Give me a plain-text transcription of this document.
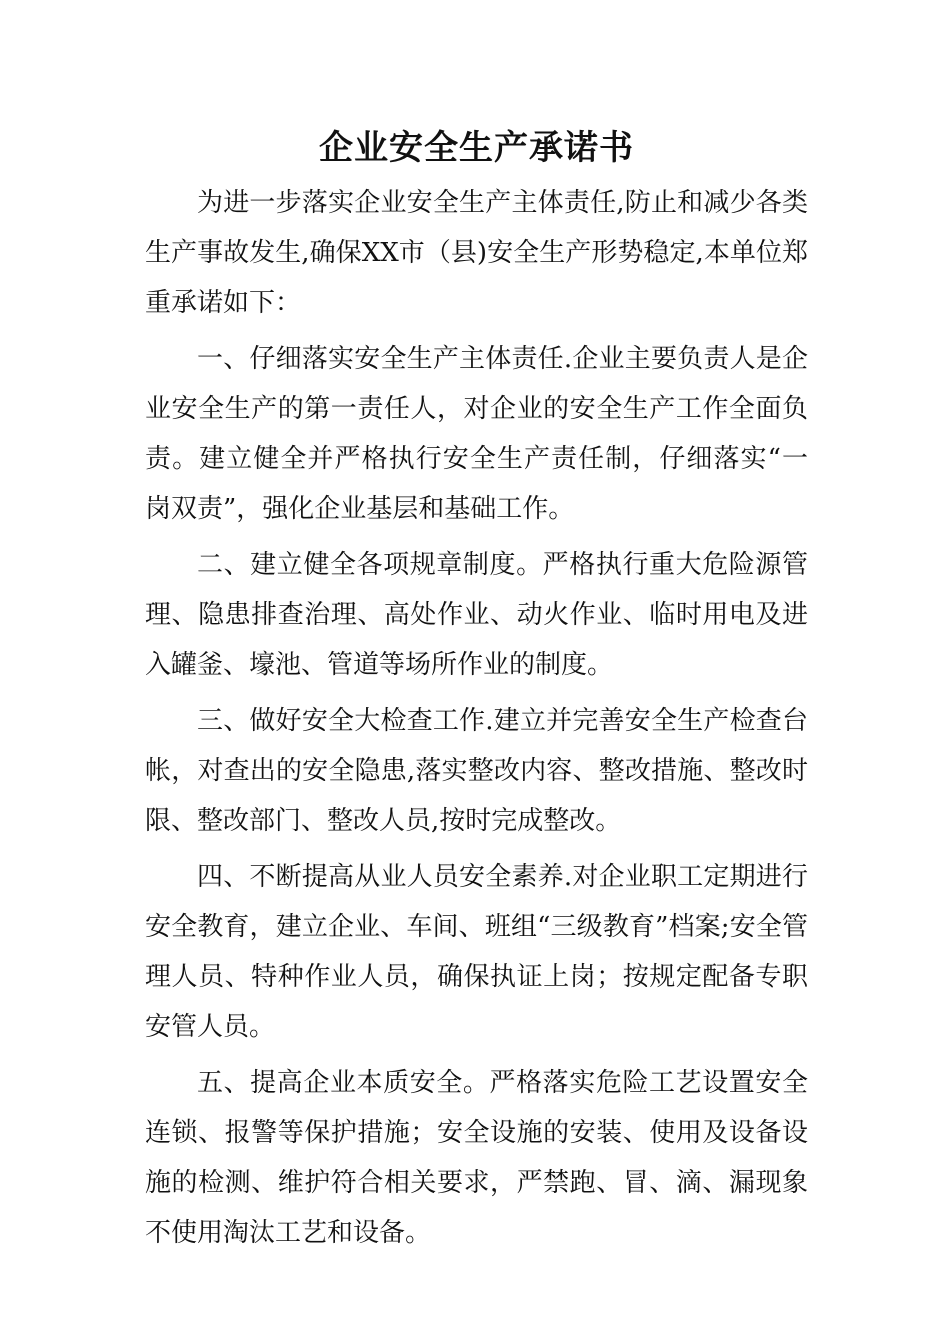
企业安全生产承诺书

为进一步落实企业安全生产主体责任,防止和减少各类生产事故发生,确保XX市（县)安全生产形势稳定,本单位郑重承诺如下：

一、仔细落实安全生产主体责任.企业主要负责人是企业安全生产的第一责任人，对企业的安全生产工作全面负责。建立健全并严格执行安全生产责任制，仔细落实“一岗双责”，强化企业基层和基础工作。

二、建立健全各项规章制度。严格执行重大危险源管理、隐患排查治理、高处作业、动火作业、临时用电及进入罐釜、壕池、管道等场所作业的制度。

三、做好安全大检查工作.建立并完善安全生产检查台帐，对查出的安全隐患,落实整改内容、整改措施、整改时限、整改部门、整改人员,按时完成整改。

四、不断提高从业人员安全素养.对企业职工定期进行安全教育，建立企业、车间、班组“三级教育”档案;安全管理人员、特种作业人员，确保执证上岗；按规定配备专职安管人员。

五、提高企业本质安全。严格落实危险工艺设置安全连锁、报警等保护措施；安全设施的安装、使用及设备设施的检测、维护符合相关要求，严禁跑、冒、滴、漏现象不使用淘汰工艺和设备。
